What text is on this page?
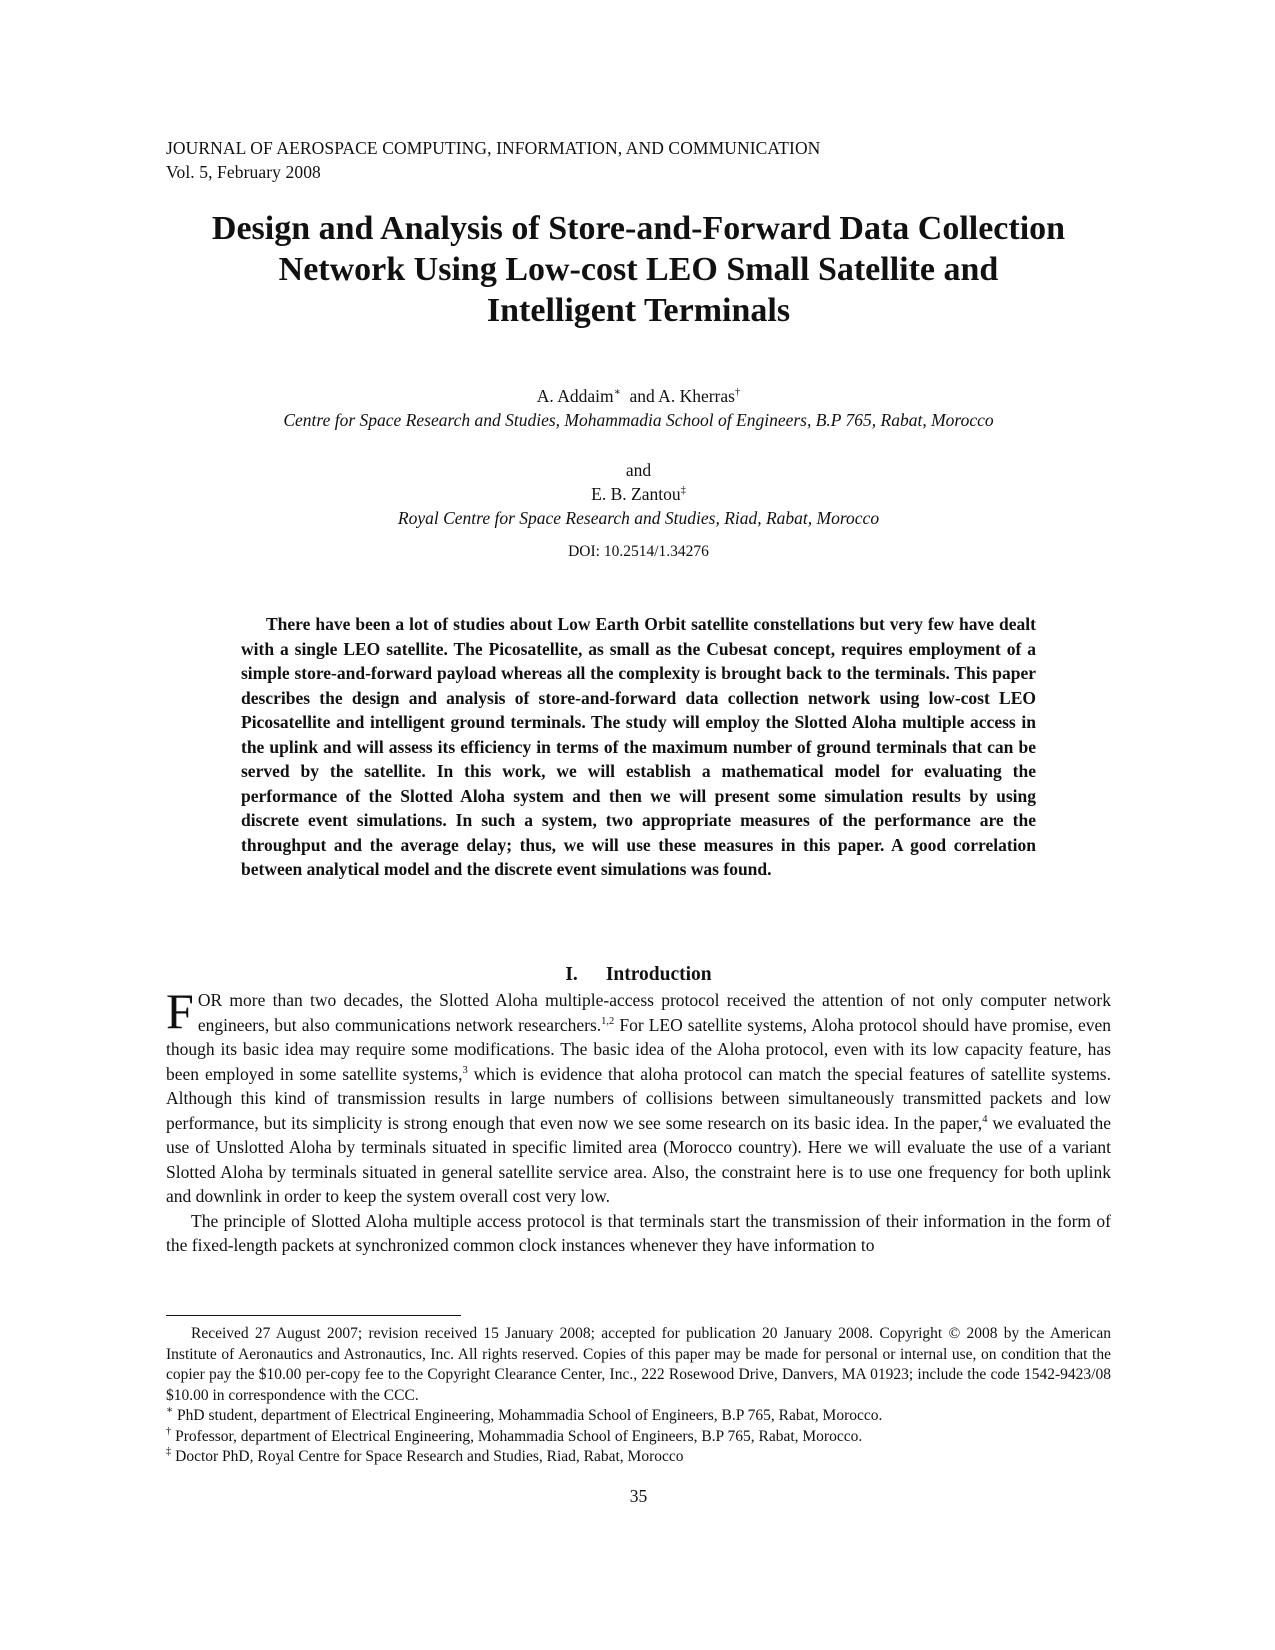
JOURNAL OF AEROSPACE COMPUTING, INFORMATION, AND COMMUNICATION
Vol. 5, February 2008
Design and Analysis of Store-and-Forward Data Collection
Network Using Low-cost LEO Small Satellite and
Intelligent Terminals
A. Addaim∗ and A. Kherras†
Centre for Space Research and Studies, Mohammadia School of Engineers, B.P 765, Rabat, Morocco
and
E. B. Zantou‡
Royal Centre for Space Research and Studies, Riad, Rabat, Morocco
DOI: 10.2514/1.34276

There have been a lot of studies about Low Earth Orbit satellite constellations but very few have dealt with a single LEO satellite. The Picosatellite, as small as the Cubesat concept, requires employment of a simple store-and-forward payload whereas all the complexity is brought back to the terminals. This paper describes the design and analysis of store-and-forward data collection network using low-cost LEO Picosatellite and intelligent ground terminals. The study will employ the Slotted Aloha multiple access in the uplink and will assess its efficiency in terms of the maximum number of ground terminals that can be served by the satellite. In this work, we will establish a mathematical model for evaluating the performance of the Slotted Aloha system and then we will present some simulation results by using discrete event simulations. In such a system, two appropriate measures of the performance are the throughput and the average delay; thus, we will use these measures in this paper. A good correlation between analytical model and the discrete event simulations was found.

I. Introduction

FOR more than two decades, the Slotted Aloha multiple-access protocol received the attention of not only computer network engineers, but also communications network researchers.$^{1,2}$ For LEO satellite systems, Aloha protocol should have promise, even though its basic idea may require some modifications. The basic idea of the Aloha protocol, even with its low capacity feature, has been employed in some satellite systems,$^3$ which is evidence that aloha protocol can match the special features of satellite systems. Although this kind of transmission results in large numbers of collisions between simultaneously transmitted packets and low performance, but its simplicity is strong enough that even now we see some research on its basic idea. In the paper,$^4$ we evaluated the use of Unslotted Aloha by terminals situated in specific limited area (Morocco country). Here we will evaluate the use of a variant Slotted Aloha by terminals situated in general satellite service area. Also, the constraint here is to use one frequency for both uplink and downlink in order to keep the system overall cost very low.

The principle of Slotted Aloha multiple access protocol is that terminals start the transmission of their information in the form of the fixed-length packets at synchronized common clock instances whenever they have information to

Received 27 August 2007; revision received 15 January 2008; accepted for publication 20 January 2008. Copyright © 2008 by the American Institute of Aeronautics and Astronautics, Inc. All rights reserved. Copies of this paper may be made for personal or internal use, on condition that the copier pay the $10.00 per-copy fee to the Copyright Clearance Center, Inc., 222 Rosewood Drive, Danvers, MA 01923; include the code 1542-9423/08 $10.00 in correspondence with the CCC.

∗ PhD student, department of Electrical Engineering, Mohammadia School of Engineers, B.P 765, Rabat, Morocco.

† Professor, department of Electrical Engineering, Mohammadia School of Engineers, B.P 765, Rabat, Morocco.

‡ Doctor PhD, Royal Centre for Space Research and Studies, Riad, Rabat, Morocco

35
